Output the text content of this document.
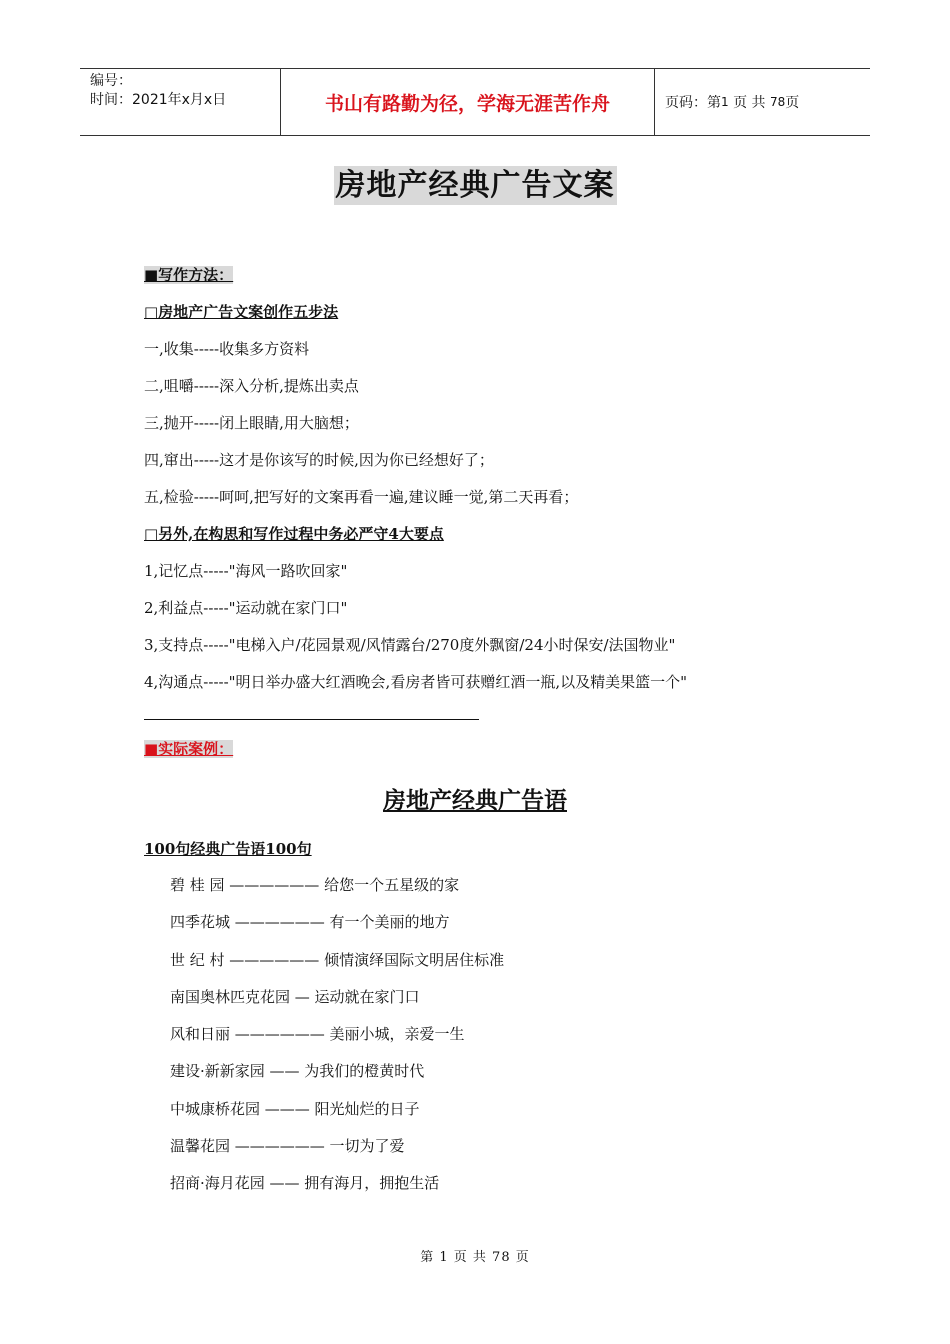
编号：
时间：2021年x月x日	书山有路勤为径，学海无涯苦作舟	页码：第 1
页 共
78 页
房地产经典广告文案
■写作方法：
□房地产广告文案创作五步法
一,收集-----收集多方资料
二,咀嚼-----深入分析,提炼出卖点
三,抛开-----闭上眼睛,用大脑想；
四,窜出-----这才是你该写的时候,因为你已经想好了；
五,检验-----呵呵,把写好的文案再看一遍,建议睡一觉,第二天再看；
□另外,在构思和写作过程中务必严守4大要点
1,记忆点-----"海风一路吹回家"
2,利益点-----"运动就在家门口"
3,支持点-----"电梯入户/花园景观/风情露台/270度外飘窗/24小时保安/法国物业"
4,沟通点-----"明日举办盛大红酒晚会,看房者皆可获赠红酒一瓶,以及精美果篮一个"
■实际案例：
房地产经典广告语
100句经典广告语100句
碧 桂 园 —————— 给您一个五星级的家
四季花城 —————— 有一个美丽的地方
世 纪 村 —————— 倾情演绎国际文明居住标准
南国奥林匹克花园 — 运动就在家门口
风和日丽 —————— 美丽小城，亲爱一生
建设·新新家园 —— 为我们的橙黄时代
中城康桥花园 ——— 阳光灿烂的日子
温馨花园 —————— 一切为了爱
招商·海月花园 —— 拥有海月，拥抱生活
第 1 页 共 78 页
